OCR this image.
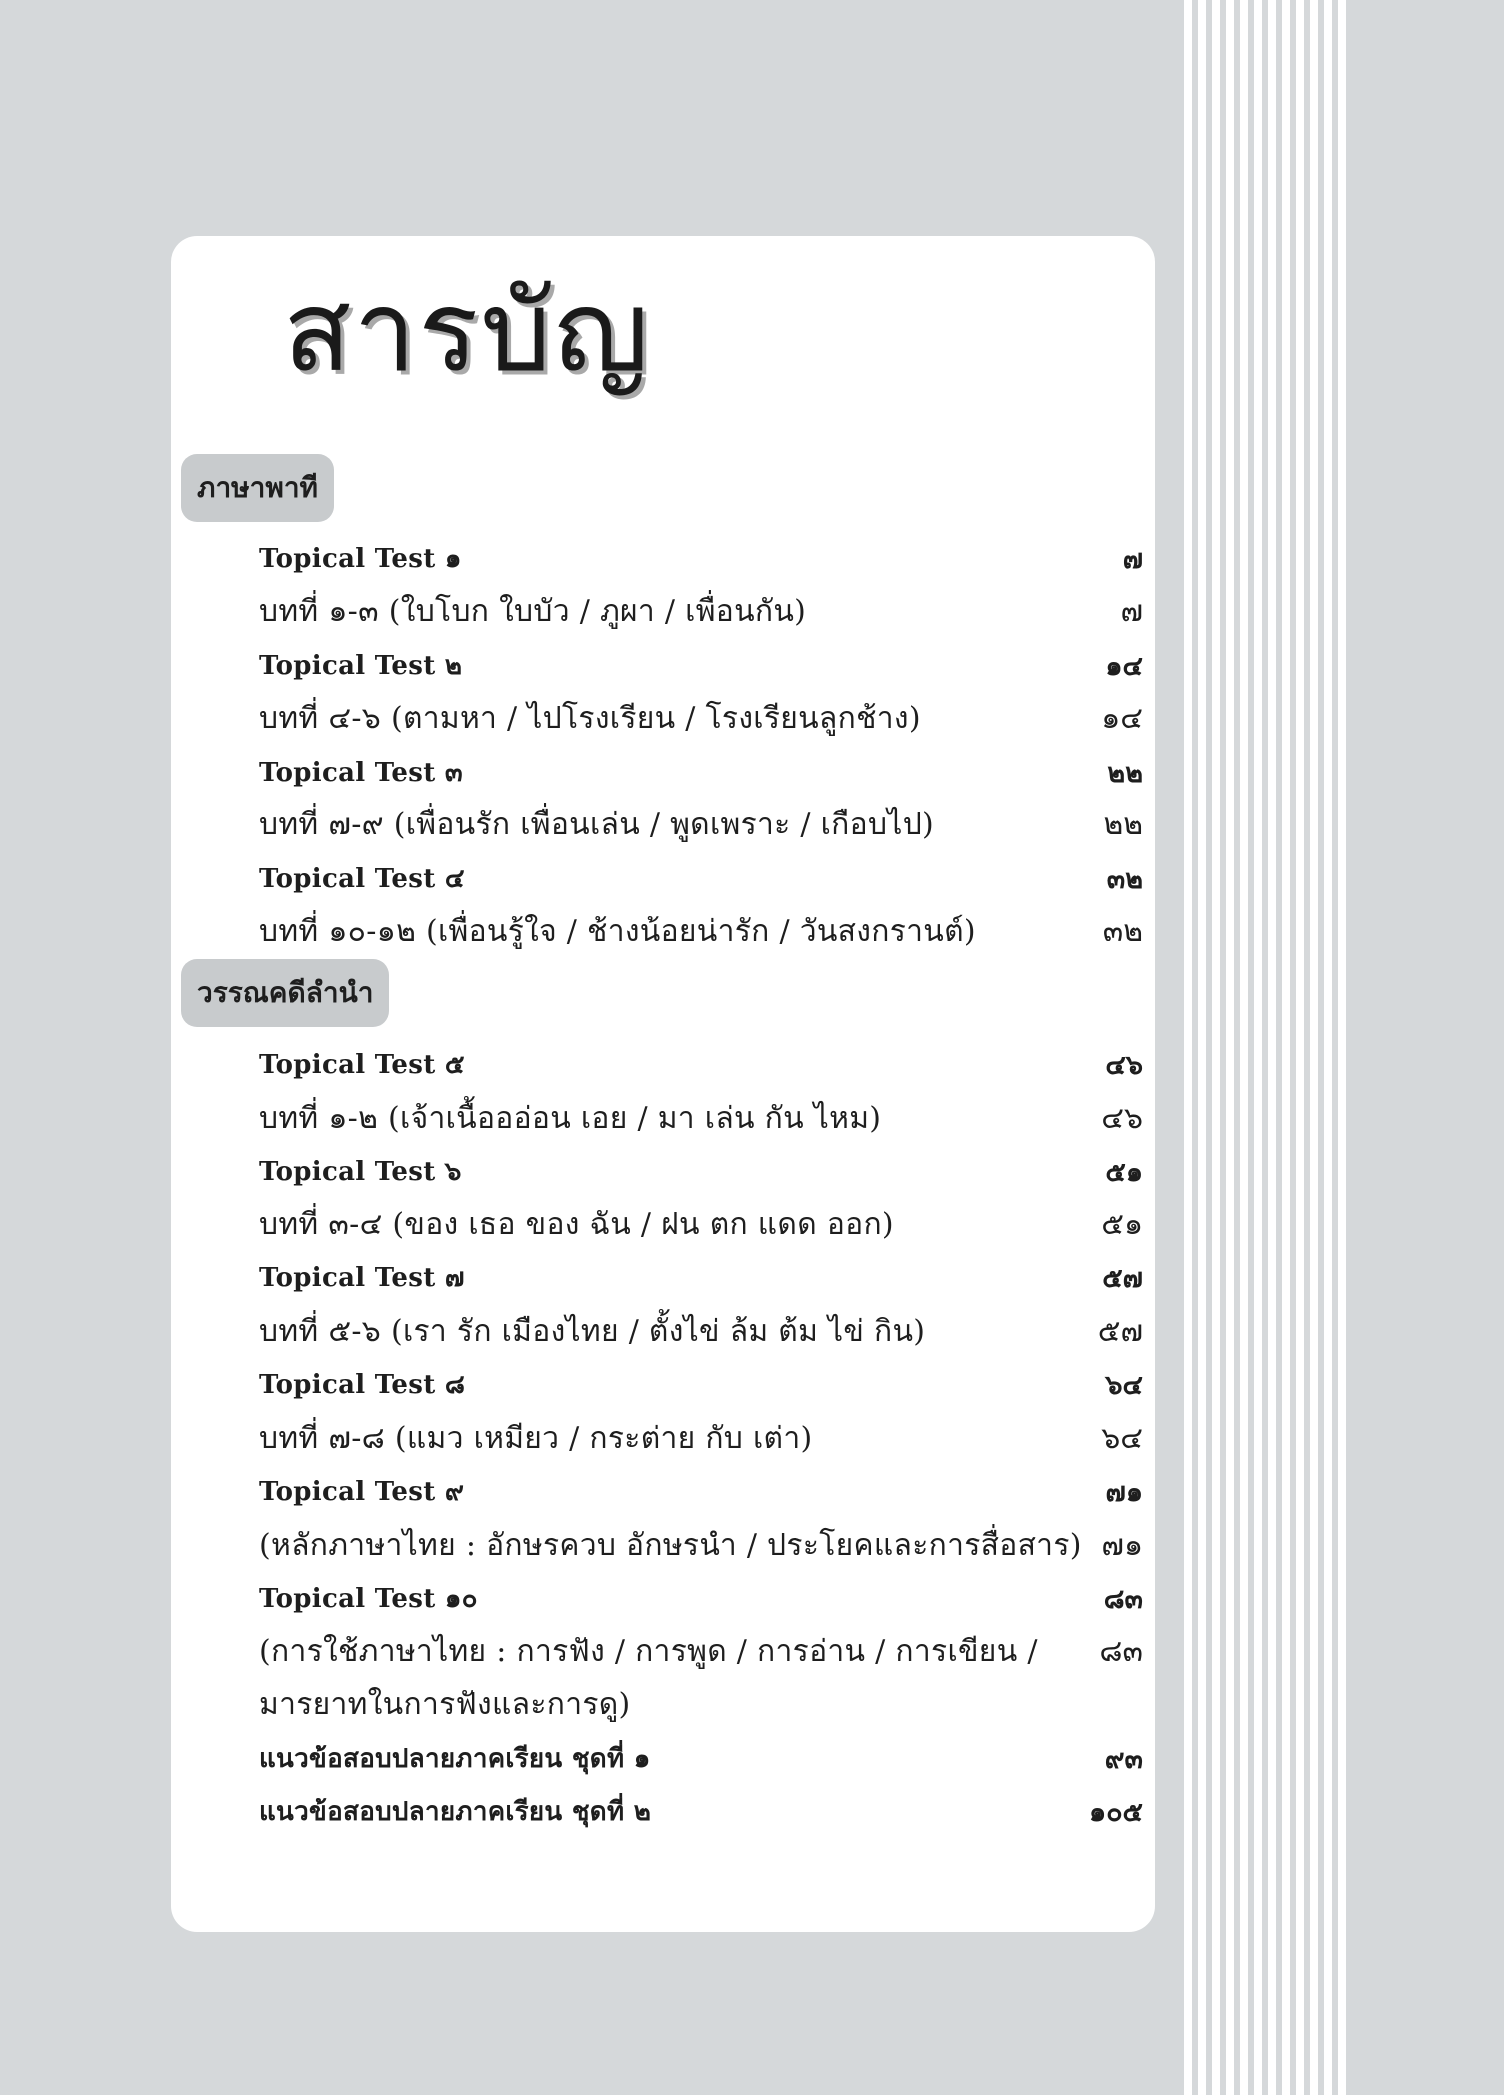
สารบัญ
ภาษาพาที
Topical Test ๑	๗
บทที่ ๑-๓ (ใบโบก ใบบัว / ภูผา / เพื่อนกัน)	๗
Topical Test ๒	๑๔
บทที่ ๔-๖ (ตามหา / ไปโรงเรียน / โรงเรียนลูกช้าง)	๑๔
Topical Test ๓	๒๒
บทที่ ๗-๙ (เพื่อนรัก เพื่อนเล่น / พูดเพราะ / เกือบไป)	๒๒
Topical Test ๔	๓๒
บทที่ ๑๐-๑๒ (เพื่อนรู้ใจ / ช้างน้อยน่ารัก / วันสงกรานต์)	๓๒
วรรณคดีลำนำ
Topical Test ๕	๔๖
บทที่ ๑-๒ (เจ้าเนื้อออ่อน เอย / มา เล่น กัน ไหม)	๔๖
Topical Test ๖	๕๑
บทที่ ๓-๔ (ของ เธอ ของ ฉัน / ฝน ตก แดด ออก)	๕๑
Topical Test ๗	๕๗
บทที่ ๕-๖ (เรา รัก เมืองไทย / ตั้งไข่ ล้ม ต้ม ไข่ กิน)	๕๗
Topical Test ๘	๖๔
บทที่ ๗-๘ (แมว เหมียว / กระต่าย กับ เต่า)	๖๔
Topical Test ๙	๗๑
(หลักภาษาไทย : อักษรควบ อักษรนำ / ประโยคและการสื่อสาร) ๗๑
Topical Test ๑๐	๘๓
(การใช้ภาษาไทย : การฟัง / การพูด / การอ่าน / การเขียน / ๘๓
มารยาทในการฟังและการดู)
แนวข้อสอบปลายภาคเรียน ชุดที่ ๑	๙๓
แนวข้อสอบปลายภาคเรียน ชุดที่ ๒	๑๐๕
